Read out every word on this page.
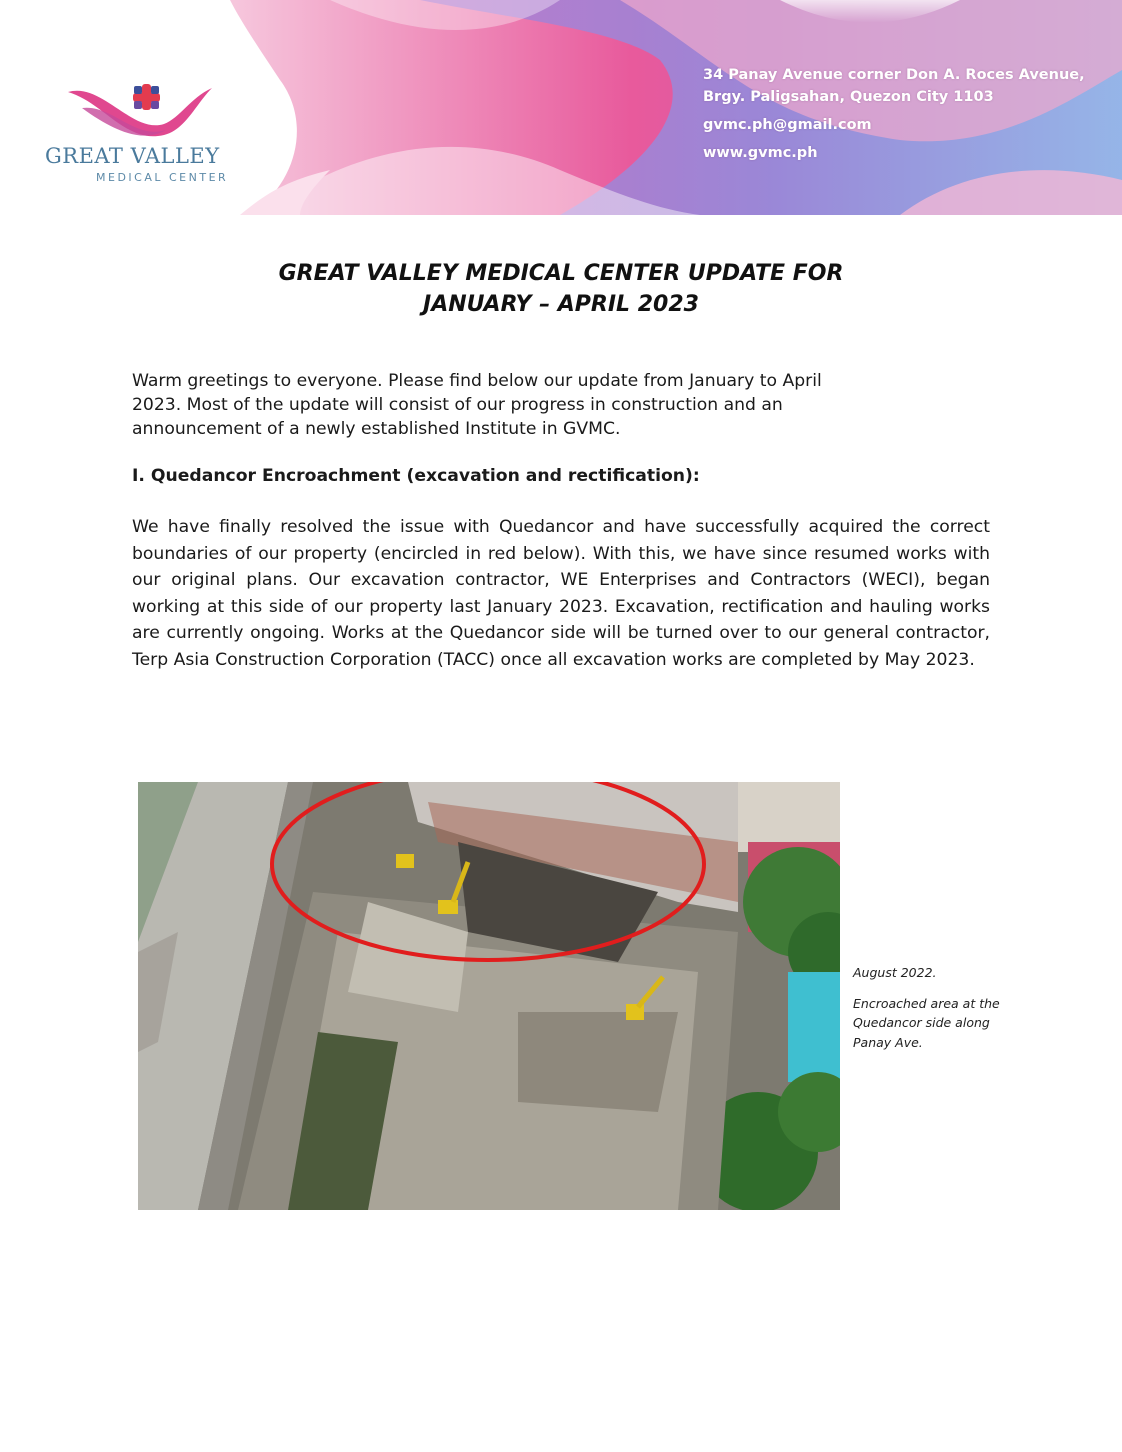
GREAT VALLEY
MEDICAL CENTER
34 Panay Avenue corner Don A. Roces Avenue,
Brgy. Paligsahan, Quezon City 1103
gvmc.ph@gmail.com
www.gvmc.ph
GREAT VALLEY MEDICAL CENTER UPDATE FOR
JANUARY – APRIL 2023
Warm greetings to everyone. Please find below our update from January to April
2023. Most of the update will consist of our progress in construction and an
announcement of a newly established Institute in GVMC.
I. Quedancor Encroachment (excavation and rectification):
We have finally resolved the issue with Quedancor and have successfully acquired the correct boundaries of our property (encircled in red below). With this, we have since resumed works with our original plans. Our excavation contractor, WE Enterprises and Contractors (WECI), began working at this side of our property last January 2023. Excavation, rectification and hauling works are currently ongoing. Works at the Quedancor side will be turned over to our general contractor, Terp Asia Construction Corporation (TACC) once all excavation works are completed by May 2023.
August 2022.
Encroached area at the Quedancor side along Panay Ave.
